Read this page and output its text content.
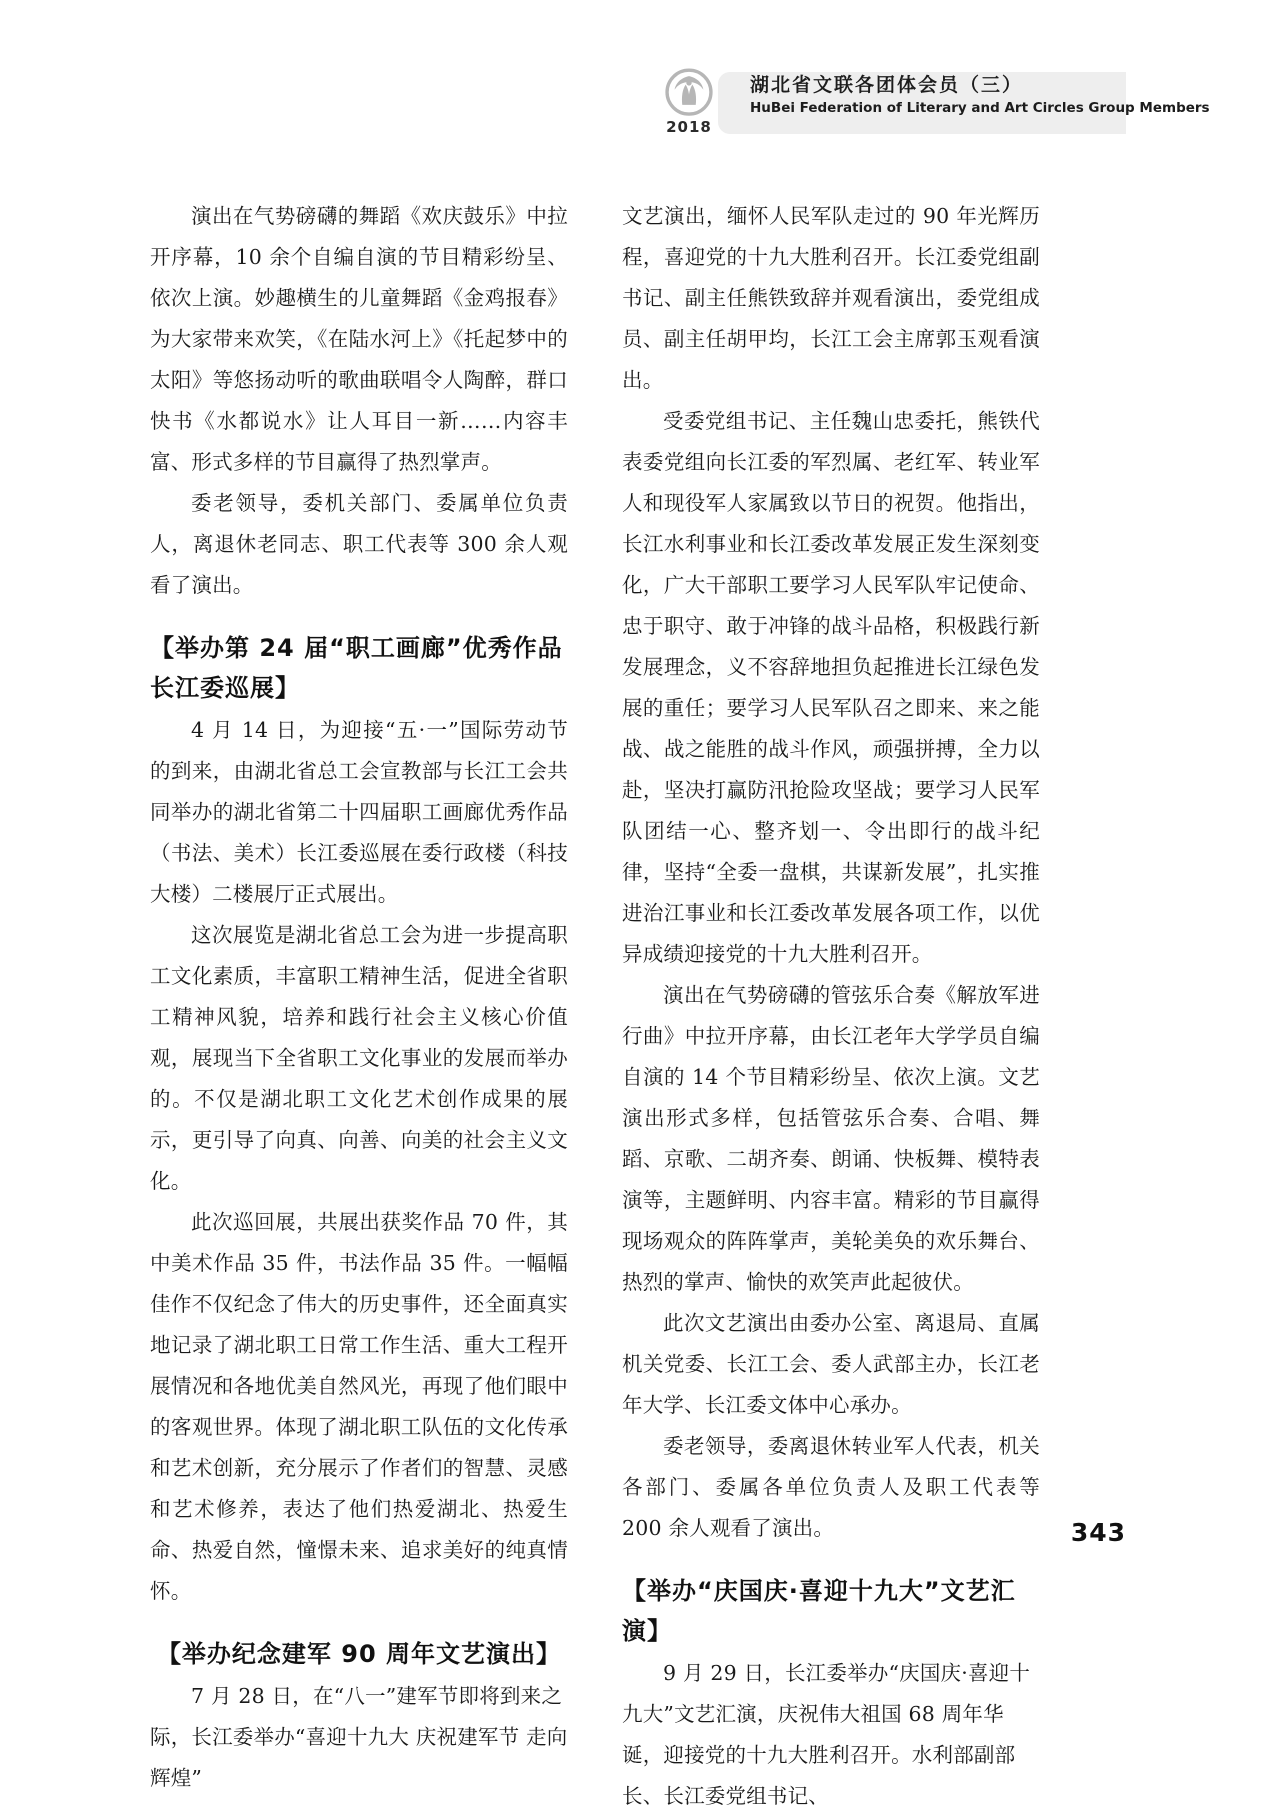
2018
湖北省文联各团体会员（三）
HuBei Federation of Literary and Art Circles Group Members

演出在气势磅礴的舞蹈《欢庆鼓乐》中拉开序幕，10 余个自编自演的节目精彩纷呈、依次上演。妙趣横生的儿童舞蹈《金鸡报春》为大家带来欢笑，《在陆水河上》《托起梦中的太阳》等悠扬动听的歌曲联唱令人陶醉，群口快书《水都说水》让人耳目一新……内容丰富、形式多样的节目赢得了热烈掌声。

委老领导，委机关部门、委属单位负责人，离退休老同志、职工代表等 300 余人观看了演出。

【举办第 24 届“职工画廊”优秀作品长江委巡展】

4 月 14 日，为迎接“五·一”国际劳动节的到来，由湖北省总工会宣教部与长江工会共同举办的湖北省第二十四届职工画廊优秀作品（书法、美术）长江委巡展在委行政楼（科技大楼）二楼展厅正式展出。

这次展览是湖北省总工会为进一步提高职工文化素质，丰富职工精神生活，促进全省职工精神风貌，培养和践行社会主义核心价值观，展现当下全省职工文化事业的发展而举办的。不仅是湖北职工文化艺术创作成果的展示，更引导了向真、向善、向美的社会主义文化。

此次巡回展，共展出获奖作品 70 件，其中美术作品 35 件，书法作品 35 件。一幅幅佳作不仅纪念了伟大的历史事件，还全面真实地记录了湖北职工日常工作生活、重大工程开展情况和各地优美自然风光，再现了他们眼中的客观世界。体现了湖北职工队伍的文化传承和艺术创新，充分展示了作者们的智慧、灵感和艺术修养，表达了他们热爱湖北、热爱生命、热爱自然，憧憬未来、追求美好的纯真情怀。

【举办纪念建军 90 周年文艺演出】

7 月 28 日，在“八一”建军节即将到来之际，长江委举办“喜迎十九大 庆祝建军节 走向辉煌”

文艺演出，缅怀人民军队走过的 90 年光辉历程，喜迎党的十九大胜利召开。长江委党组副书记、副主任熊铁致辞并观看演出，委党组成员、副主任胡甲均，长江工会主席郭玉观看演出。

受委党组书记、主任魏山忠委托，熊铁代表委党组向长江委的军烈属、老红军、转业军人和现役军人家属致以节日的祝贺。他指出，长江水利事业和长江委改革发展正发生深刻变化，广大干部职工要学习人民军队牢记使命、忠于职守、敢于冲锋的战斗品格，积极践行新发展理念，义不容辞地担负起推进长江绿色发展的重任；要学习人民军队召之即来、来之能战、战之能胜的战斗作风，顽强拼搏，全力以赴，坚决打赢防汛抢险攻坚战；要学习人民军队团结一心、整齐划一、令出即行的战斗纪律，坚持“全委一盘棋，共谋新发展”，扎实推进治江事业和长江委改革发展各项工作，以优异成绩迎接党的十九大胜利召开。

演出在气势磅礴的管弦乐合奏《解放军进行曲》中拉开序幕，由长江老年大学学员自编自演的 14 个节目精彩纷呈、依次上演。文艺演出形式多样，包括管弦乐合奏、合唱、舞蹈、京歌、二胡齐奏、朗诵、快板舞、模特表演等，主题鲜明、内容丰富。精彩的节目赢得现场观众的阵阵掌声，美轮美奂的欢乐舞台、热烈的掌声、愉快的欢笑声此起彼伏。

此次文艺演出由委办公室、离退局、直属机关党委、长江工会、委人武部主办，长江老年大学、长江委文体中心承办。

委老领导，委离退休转业军人代表，机关各部门、委属各单位负责人及职工代表等 200 余人观看了演出。

【举办“庆国庆·喜迎十九大”文艺汇演】

9 月 29 日，长江委举办“庆国庆·喜迎十九大”文艺汇演，庆祝伟大祖国 68 周年华诞，迎接党的十九大胜利召开。水利部副部长、长江委党组书记、

343
